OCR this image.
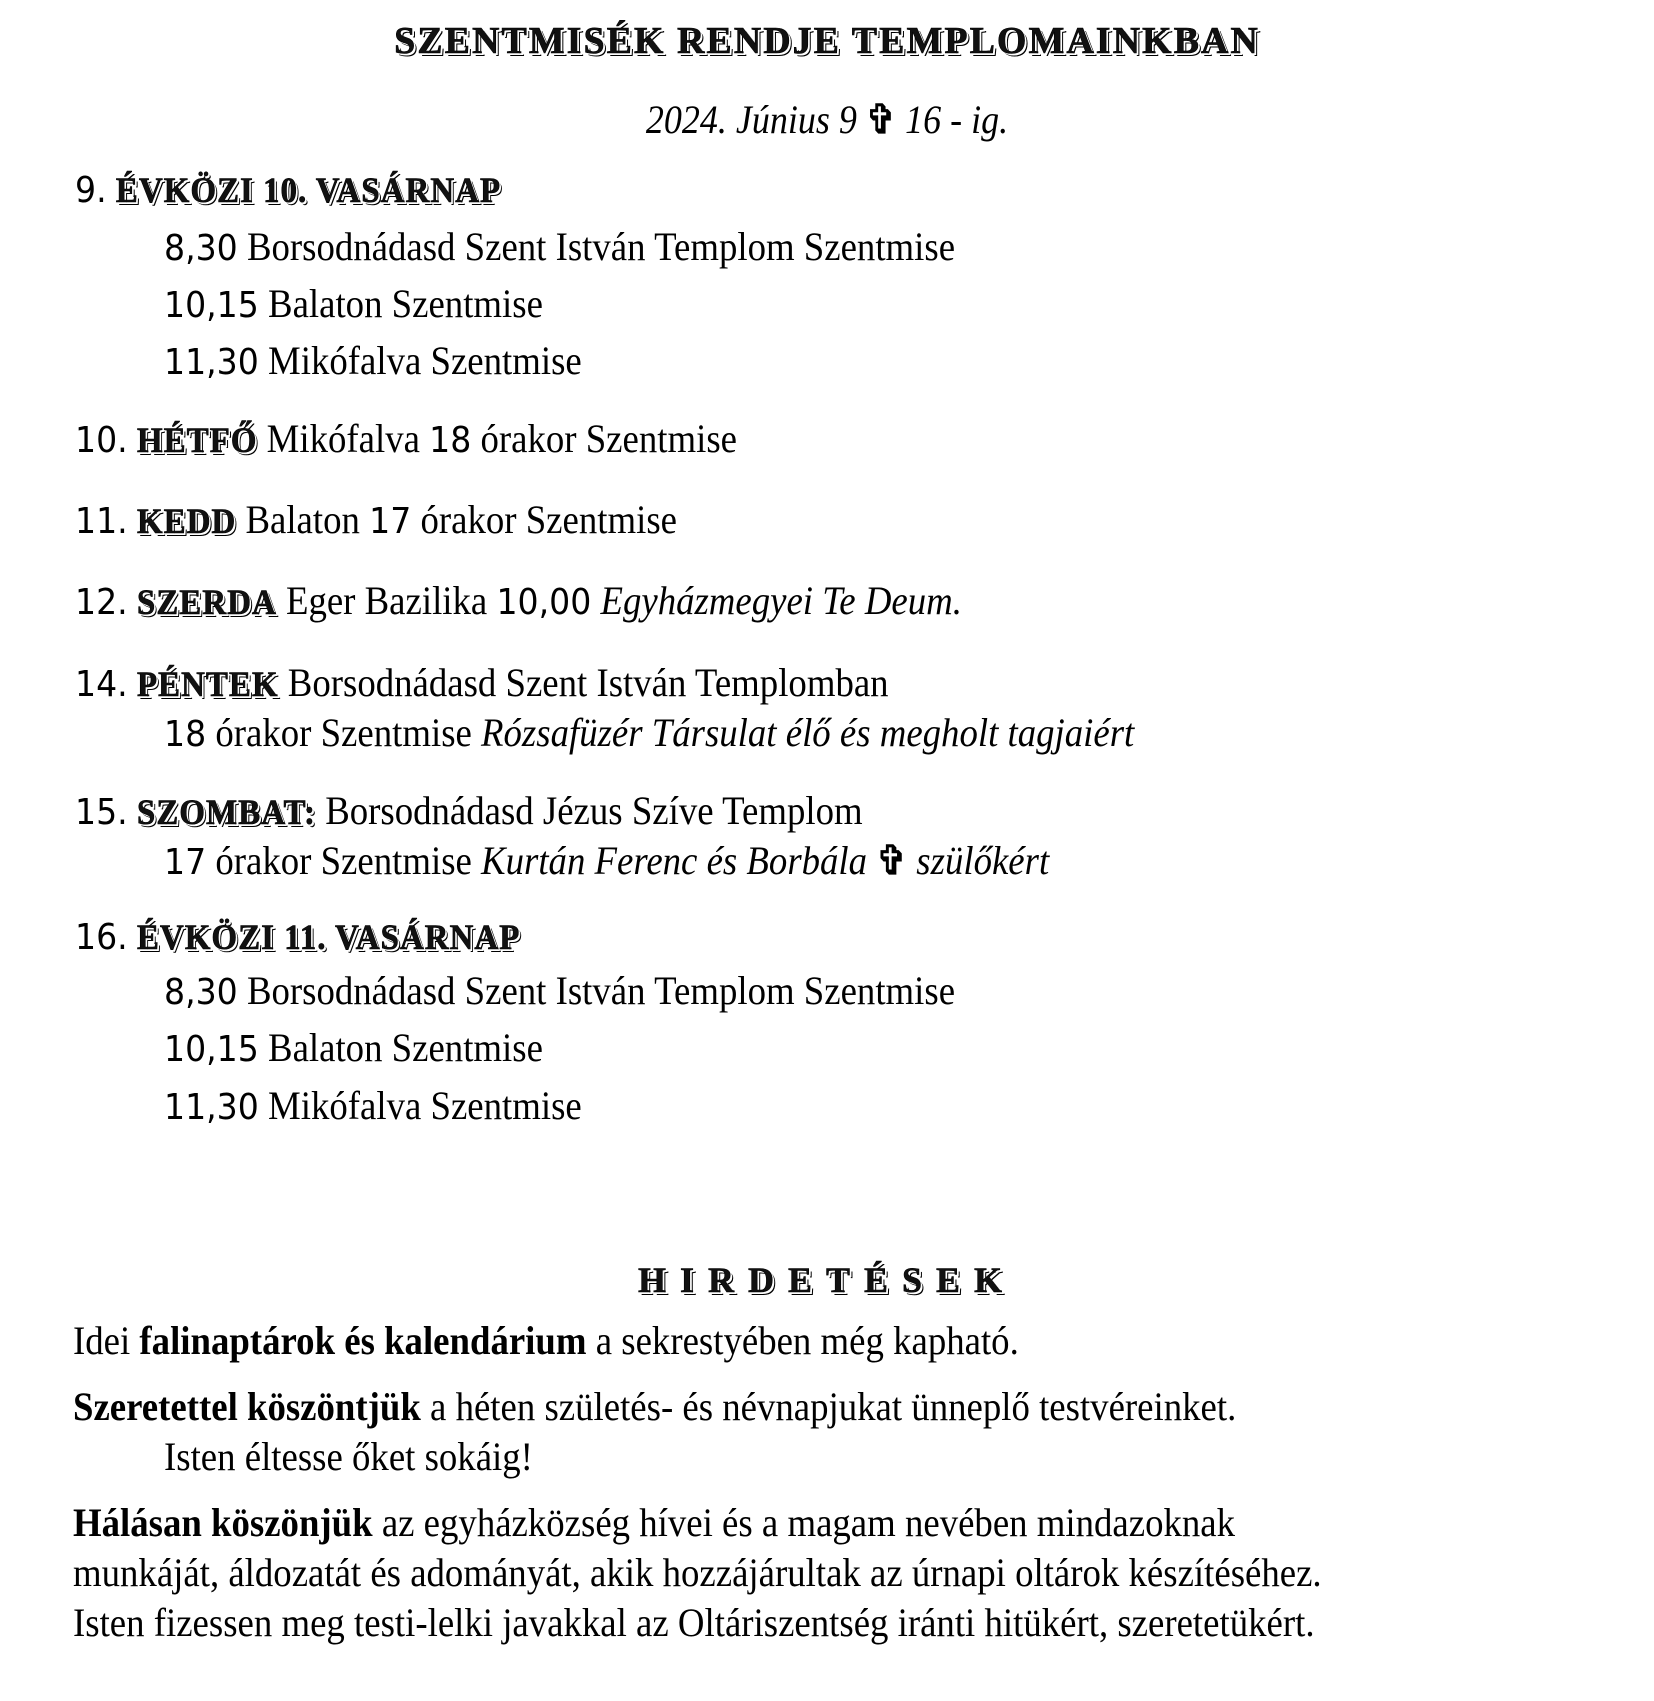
SZENTMISÉK RENDJE TEMPLOMAINKBAN
2024. Június 9 ✞ 16 - ig.
9. ÉVKÖZI 10. VASÁRNAP
8,30 Borsodnádasd Szent István Templom Szentmise
10,15 Balaton Szentmise
11,30 Mikófalva Szentmise
10. HÉTFŐ Mikófalva 18 órakor Szentmise
11. KEDD Balaton 17 órakor Szentmise
12. SZERDA Eger Bazilika 10,00 Egyházmegyei Te Deum.
14. PÉNTEK Borsodnádasd Szent István Templomban
18 órakor Szentmise Rózsafüzér Társulat élő és megholt tagjaiért
15. SZOMBAT: Borsodnádasd Jézus Szíve Templom
17 órakor Szentmise Kurtán Ferenc és Borbála ✞ szülőkért
16. ÉVKÖZI 11. VASÁRNAP
8,30 Borsodnádasd Szent István Templom Szentmise
10,15 Balaton Szentmise
11,30 Mikófalva Szentmise
HIRDETÉSEK
Idei falinaptárok és kalendárium a sekrestyében még kapható.
Szeretettel köszöntjük a héten születés- és névnapjukat ünneplő testvéreinket.
Isten éltesse őket sokáig!
Hálásan köszönjük az egyházközség hívei és a magam nevében mindazoknak
munkáját, áldozatát és adományát, akik hozzájárultak az úrnapi oltárok készítéséhez.
Isten fizessen meg testi-lelki javakkal az Oltáriszentség iránti hitükért, szeretetükért.
